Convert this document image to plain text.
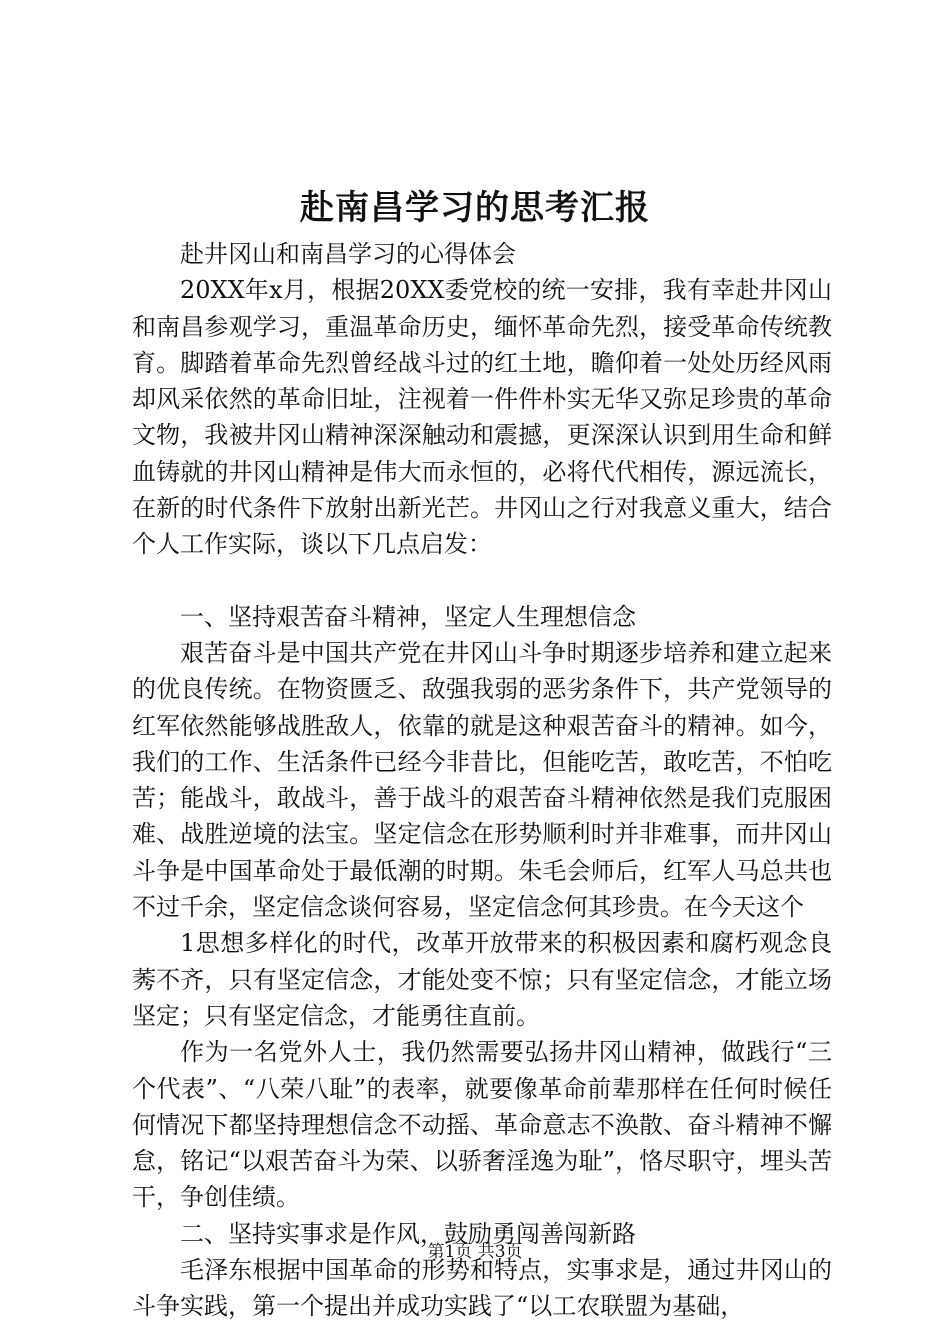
赴南昌学习的思考汇报

赴井冈山和南昌学习的心得体会

20XX年x月，根据20XX委党校的统一安排，我有幸赴井冈山和南昌参观学习，重温革命历史，缅怀革命先烈，接受革命传统教育。脚踏着革命先烈曾经战斗过的红土地，瞻仰着一处处历经风雨却风采依然的革命旧址，注视着一件件朴实无华又弥足珍贵的革命文物，我被井冈山精神深深触动和震撼，更深深认识到用生命和鲜血铸就的井冈山精神是伟大而永恒的，必将代代相传，源远流长，在新的时代条件下放射出新光芒。井冈山之行对我意义重大，结合个人工作实际，谈以下几点启发：

一、坚持艰苦奋斗精神，坚定人生理想信念

艰苦奋斗是中国共产党在井冈山斗争时期逐步培养和建立起来的优良传统。在物资匮乏、敌强我弱的恶劣条件下，共产党领导的红军依然能够战胜敌人，依靠的就是这种艰苦奋斗的精神。如今，我们的工作、生活条件已经今非昔比，但能吃苦，敢吃苦，不怕吃苦；能战斗，敢战斗，善于战斗的艰苦奋斗精神依然是我们克服困难、战胜逆境的法宝。坚定信念在形势顺利时并非难事，而井冈山斗争是中国革命处于最低潮的时期。朱毛会师后，红军人马总共也不过千余，坚定信念谈何容易，坚定信念何其珍贵。在今天这个

1思想多样化的时代，改革开放带来的积极因素和腐朽观念良莠不齐，只有坚定信念，才能处变不惊；只有坚定信念，才能立场坚定；只有坚定信念，才能勇往直前。

作为一名党外人士，我仍然需要弘扬井冈山精神，做践行“三个代表”、“八荣八耻”的表率，就要像革命前辈那样在任何时候任何情况下都坚持理想信念不动摇、革命意志不涣散、奋斗精神不懈怠，铭记“以艰苦奋斗为荣、以骄奢淫逸为耻”，恪尽职守，埋头苦干，争创佳绩。

二、坚持实事求是作风，鼓励勇闯善闯新路

毛泽东根据中国革命的形势和特点，实事求是，通过井冈山的斗争实践，第一个提出并成功实践了“以工农联盟为基础，

第1页 共3页
